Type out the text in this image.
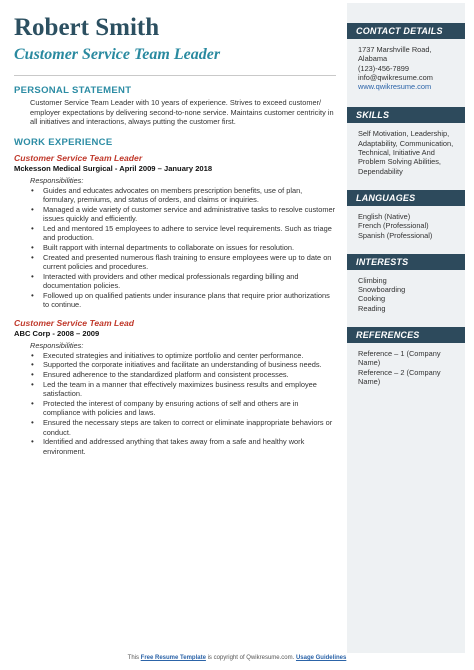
Robert Smith
Customer Service Team Leader
PERSONAL STATEMENT
Customer Service Team Leader with 10 years of experience. Strives to exceed customer/ employer expectations by delivering second-to-none service. Maintains customer centricity in all initiatives and interactions, always putting the customer first.
WORK EXPERIENCE
Customer Service Team Leader
Mckesson Medical Surgical - April 2009 – January 2018
Responsibilities:
• Guides and educates advocates on members prescription benefits, use of plan, formulary, premiums, and status of orders, and claims or inquiries.
• Managed a wide variety of customer service and administrative tasks to resolve customer issues quickly and efficiently.
• Led and mentored 15 employees to adhere to service level requirements. Such as triage and production.
• Built rapport with internal departments to collaborate on issues for resolution.
• Created and presented numerous flash training to ensure employees were up to date on current policies and procedures.
• Interacted with providers and other medical professionals regarding billing and documentation policies.
• Followed up on qualified patients under insurance plans that require prior authorizations to continue.
Customer Service Team Lead
ABC Corp - 2008 – 2009
Responsibilities:
• Executed strategies and initiatives to optimize portfolio and center performance.
• Supported the corporate initiatives and facilitate an understanding of business needs.
• Ensured adherence to the standardized platform and consistent processes.
• Led the team in a manner that effectively maximizes business results and employee satisfaction.
• Protected the interest of company by ensuring actions of self and others are in compliance with policies and laws.
• Ensured the necessary steps are taken to correct or eliminate inappropriate behaviors or conduct.
• Identified and addressed anything that takes away from a safe and healthy work environment.
CONTACT DETAILS
1737 Marshville Road,
Alabama
(123)-456-7899
info@qwikresume.com
www.qwikresume.com
SKILLS
Self Motivation, Leadership, Adaptability, Communication, Technical, Initiative And Problem Solving Abilities, Dependability
LANGUAGES
English (Native)
French (Professional)
Spanish (Professional)
INTERESTS
Climbing
Snowboarding
Cooking
Reading
REFERENCES
Reference – 1 (Company Name)
Reference – 2 (Company Name)
This Free Resume Template is copyright of Qwikresume.com. Usage Guidelines
